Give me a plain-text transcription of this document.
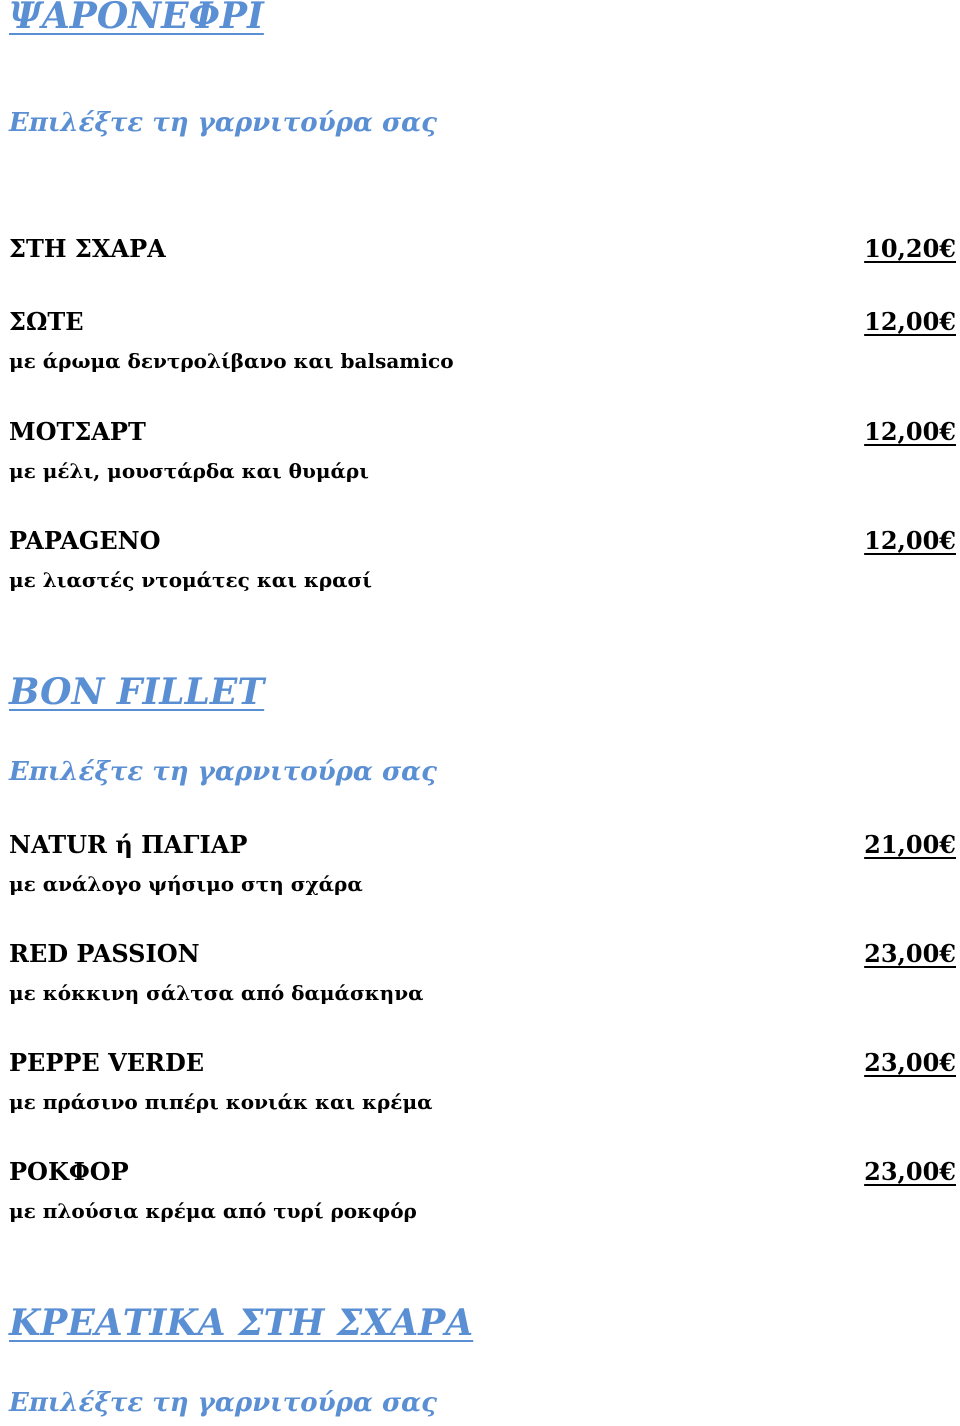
ΨΑΡΟΝΕΦΡΙ
Επιλέξτε τη γαρνιτούρα σας
ΣΤΗ ΣΧΑΡΑ	10,20€
ΣΩΤΕ	12,00€
με άρωμα δεντρολίβανο και balsamico
ΜΟΤΣΑΡΤ	12,00€
με μέλι, μουστάρδα και θυμάρι
PAPAGENO	12,00€
με λιαστές ντομάτες και κρασί
BON FILLET
Επιλέξτε τη γαρνιτούρα σας
NATUR ή ΠΑΓΙΑΡ	21,00€
με ανάλογο ψήσιμο στη σχάρα
RED PASSION	23,00€
με κόκκινη σάλτσα από δαμάσκηνα
PEPPE VERDE	23,00€
με πράσινο πιπέρι κονιάκ και κρέμα
ΡΟΚΦΟΡ	23,00€
με πλούσια κρέμα από τυρί ροκφόρ
ΚΡΕΑΤΙΚΑ ΣΤΗ ΣΧΑΡΑ
Επιλέξτε τη γαρνιτούρα σας
